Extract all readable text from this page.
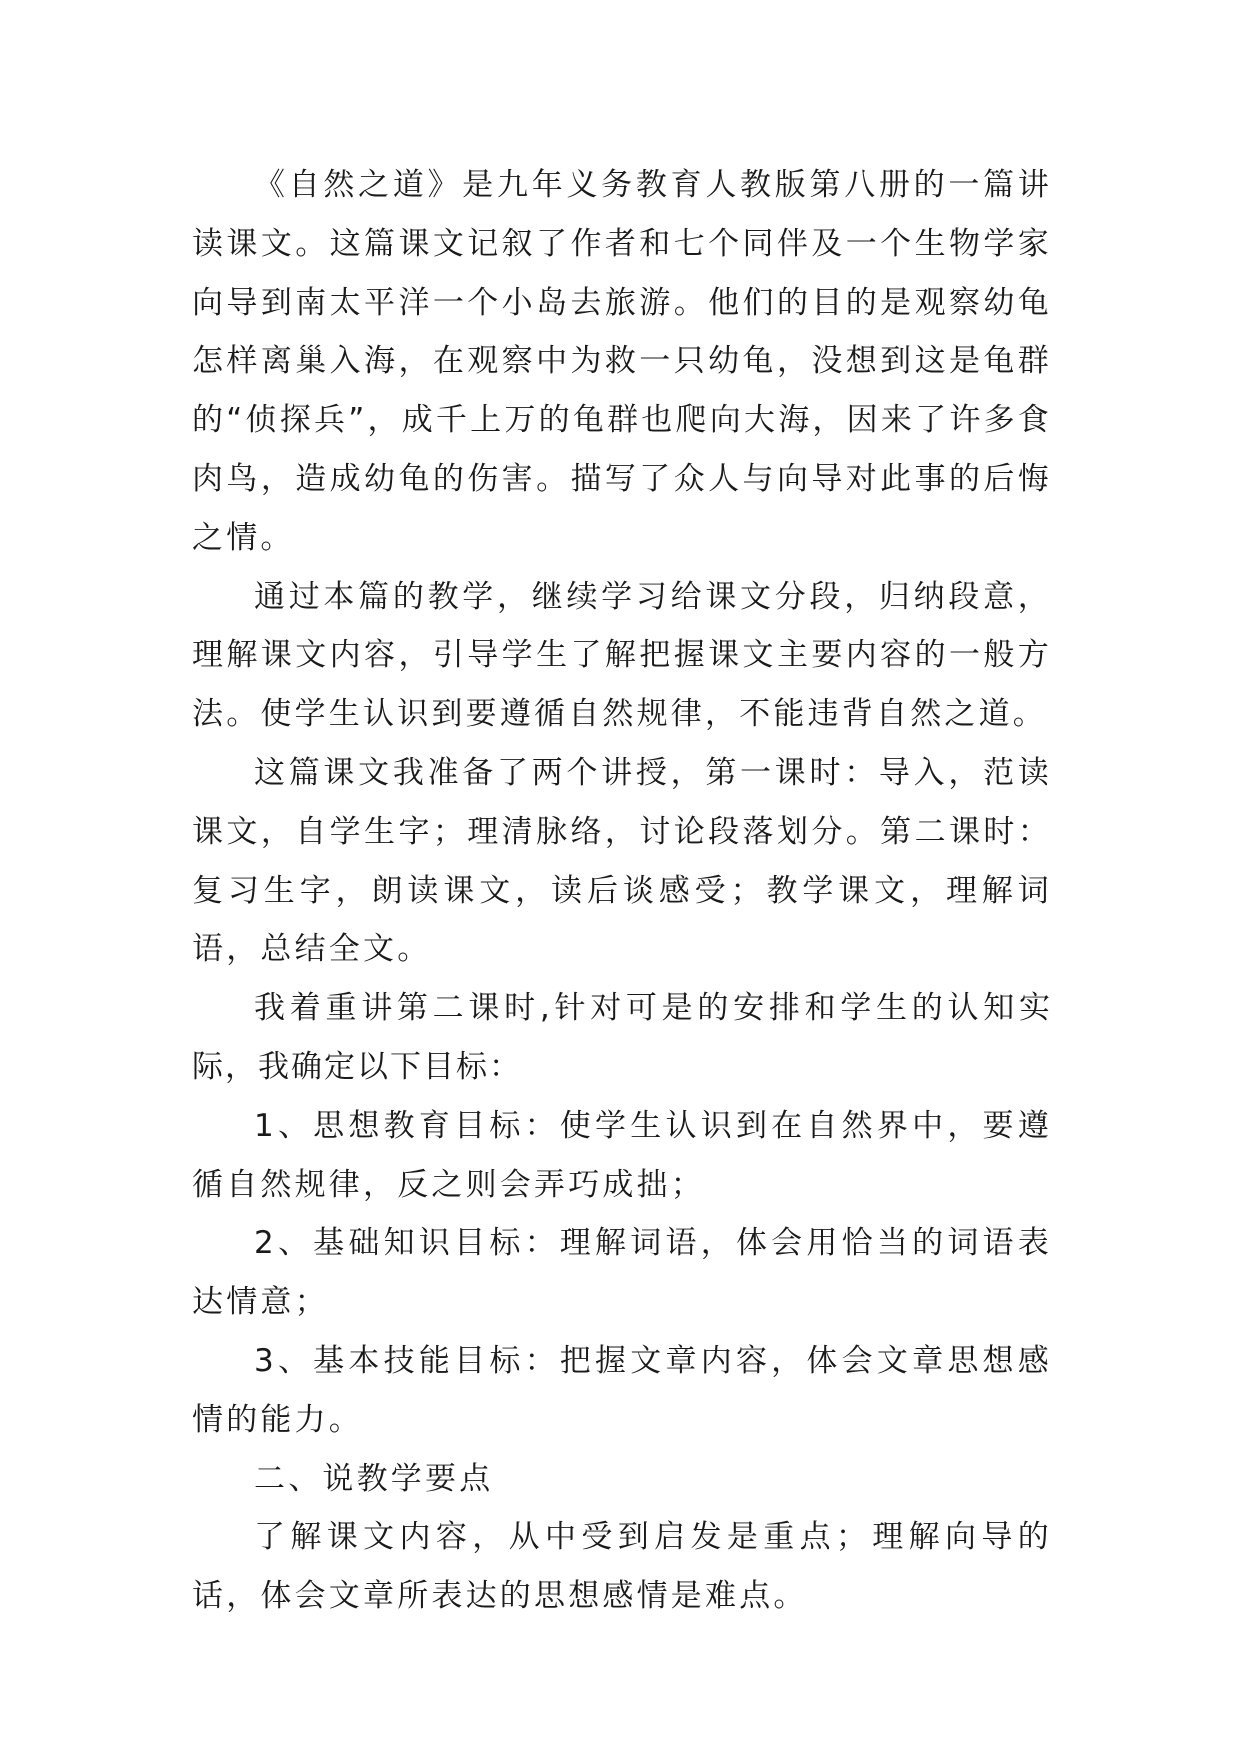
《自然之道》是九年义务教育人教版第八册的一篇讲读课文。这篇课文记叙了作者和七个同伴及一个生物学家向导到南太平洋一个小岛去旅游。他们的目的是观察幼龟怎样离巢入海，在观察中为救一只幼龟，没想到这是龟群的“侦探兵”，成千上万的龟群也爬向大海，因来了许多食肉鸟，造成幼龟的伤害。描写了众人与向导对此事的后悔之情。

通过本篇的教学，继续学习给课文分段，归纳段意，理解课文内容，引导学生了解把握课文主要内容的一般方法。使学生认识到要遵循自然规律，不能违背自然之道。

这篇课文我准备了两个讲授，第一课时：导入，范读课文，自学生字；理清脉络，讨论段落划分。第二课时：复习生字，朗读课文，读后谈感受；教学课文，理解词语，总结全文。

我着重讲第二课时,针对可是的安排和学生的认知实际，我确定以下目标：

1、思想教育目标：使学生认识到在自然界中，要遵循自然规律，反之则会弄巧成拙；

2、基础知识目标：理解词语，体会用恰当的词语表达情意；

3、基本技能目标：把握文章内容，体会文章思想感情的能力。

二、说教学要点

了解课文内容，从中受到启发是重点；理解向导的话，体会文章所表达的思想感情是难点。
